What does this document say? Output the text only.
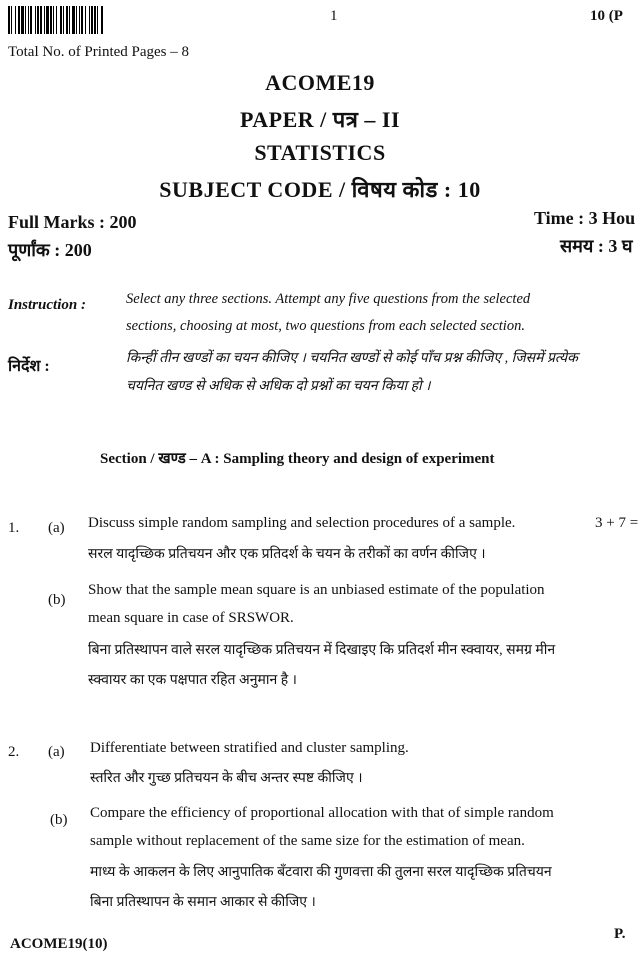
1	10 (P
Total No. of Printed Pages – 8
ACOME19
PAPER / पत्र – II
STATISTICS
SUBJECT CODE / विषय कोड : 10
Full Marks : 200
पूर्णांक : 200
Time : 3 Hou
समय : 3 घ
Instruction :	Select any three sections. Attempt any five questions from the selected
sections, choosing at most, two questions from each selected section.
निर्देश :	किन्हीं तीन खण्डों का चयन कीजिए । चयनित खण्डों से कोई पाँच प्रश्न कीजिए , जिसमें प्रत्येक
चयनित खण्ड से अधिक से अधिक दो प्रश्नों का चयन किया हो ।
Section / खण्ड – A : Sampling theory and design of experiment
1. (a) Discuss simple random sampling and selection procedures of a sample.	3 + 7 =
सरल यादृच्छिक प्रतिचयन और एक प्रतिदर्श के चयन के तरीकों का वर्णन कीजिए ।
(b)
Show that the sample mean square is an unbiased estimate of the population
mean square in case of SRSWOR.
बिना प्रतिस्थापन वाले सरल यादृच्छिक प्रतिचयन में दिखाइए कि प्रतिदर्श मीन स्क्वायर, समग्र मीन
स्क्वायर का एक पक्षपात रहित अनुमान है ।
2. (a) Differentiate between stratified and cluster sampling.
स्तरित और गुच्छ प्रतिचयन के बीच अन्तर स्पष्ट कीजिए ।
(b) Compare the efficiency of proportional allocation with that of simple random
sample without replacement of the same size for the estimation of mean.
माध्य के आकलन के लिए आनुपातिक बँटवारा की गुणवत्ता की तुलना सरल यादृच्छिक प्रतिचयन
बिना प्रतिस्थापन के समान आकार से कीजिए ।
ACOME19(10)
P.
